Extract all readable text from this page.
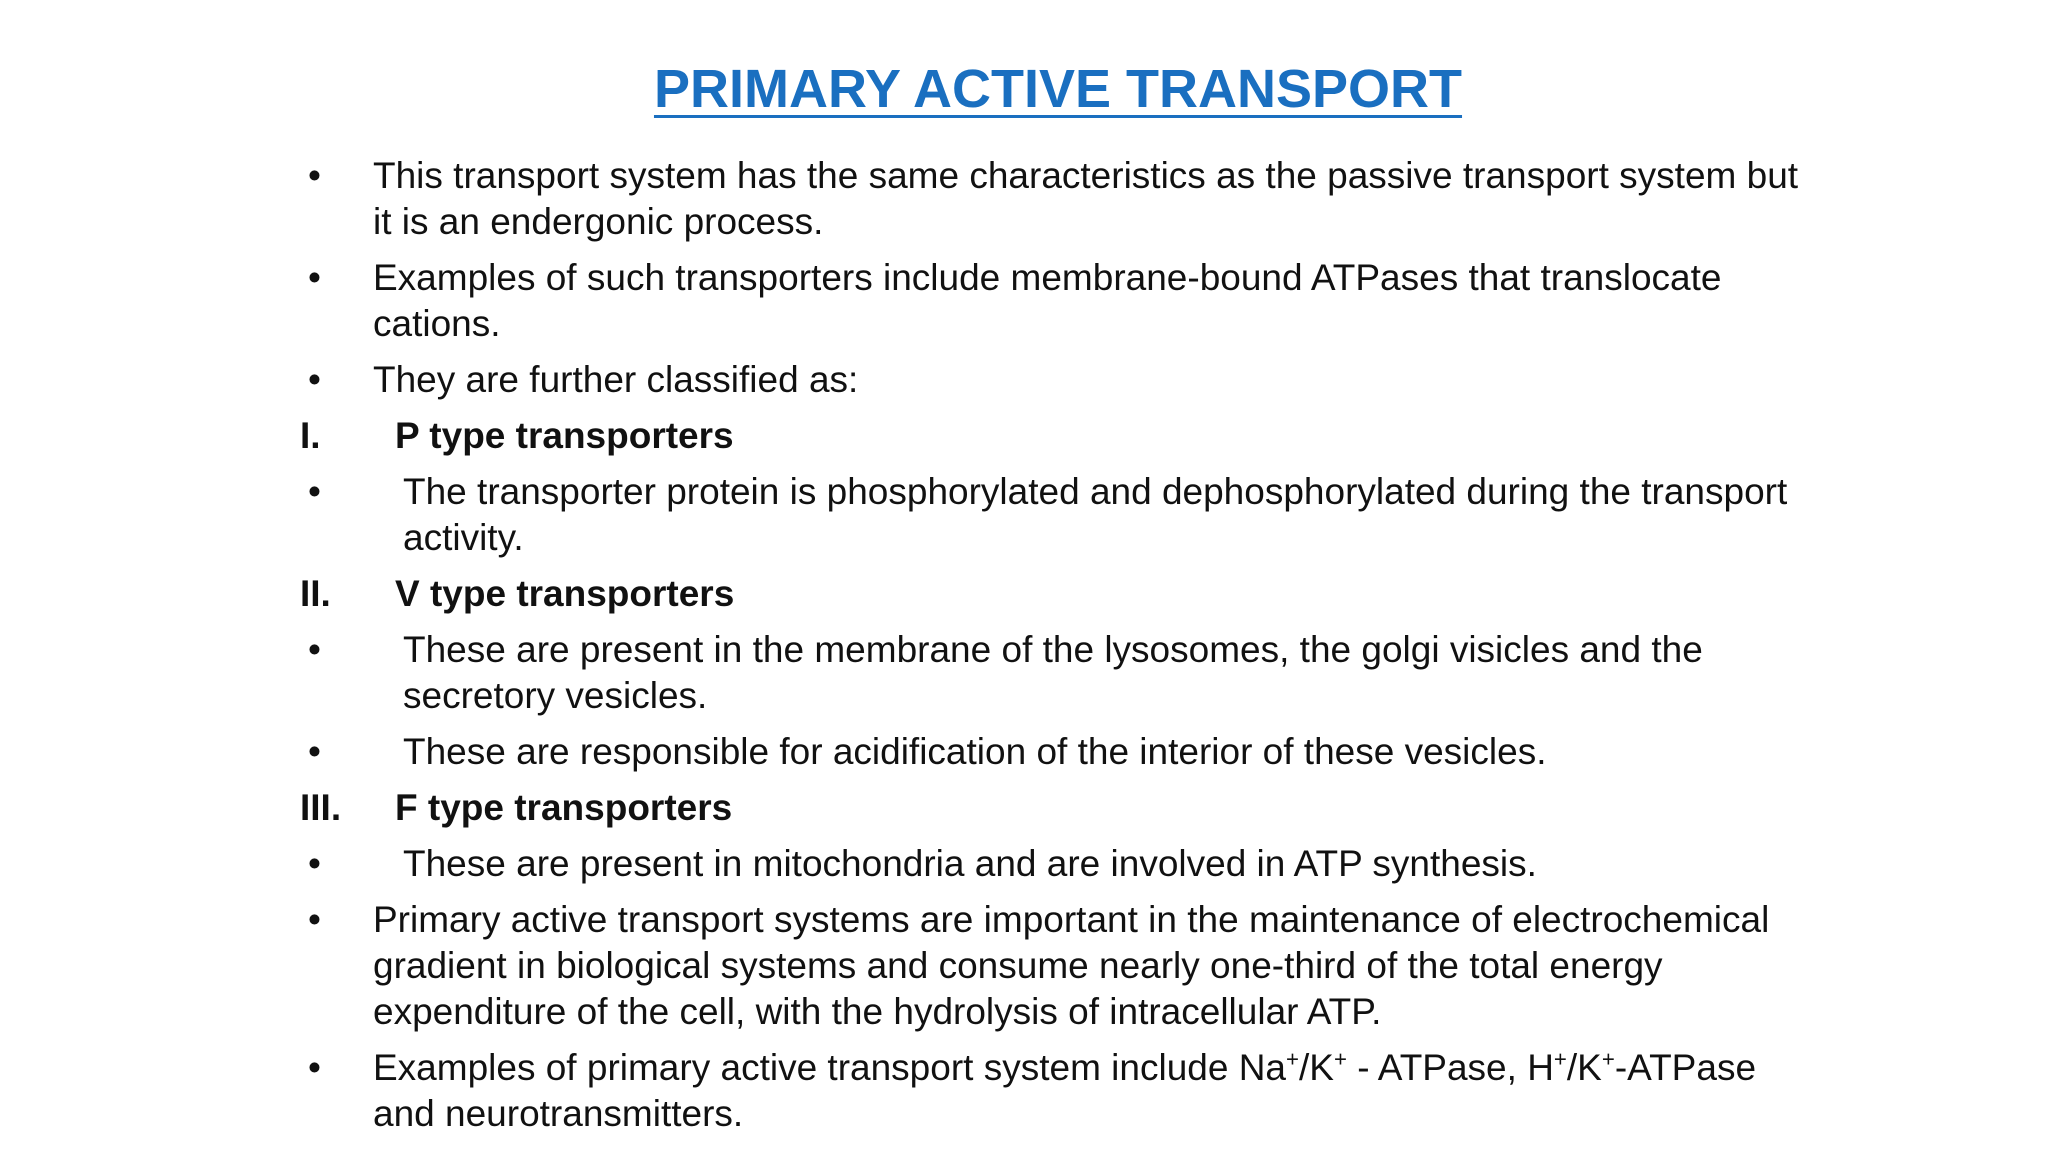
PRIMARY ACTIVE TRANSPORT
•	This transport system has the same characteristics as the passive transport system but it is an endergonic process.
•	Examples of such transporters include membrane-bound ATPases that translocate cations.
•	They are further classified as:
I.	P type transporters
•	The transporter protein is phosphorylated and dephosphorylated during the transport activity.
II.	V type transporters
•	These are present in the membrane of the lysosomes, the golgi visicles and the secretory vesicles.
•	These are responsible for acidification of the interior of these vesicles.
III.	F type transporters
•	These are present in mitochondria and are involved in ATP synthesis.
•	Primary active transport systems are important in the maintenance of electrochemical gradient in biological systems and consume nearly one-third of the total energy expenditure of the cell, with the hydrolysis of intracellular ATP.
•	Examples of primary active transport system include Na+/K+ - ATPase, H+/K+-ATPase and neurotransmitters.
